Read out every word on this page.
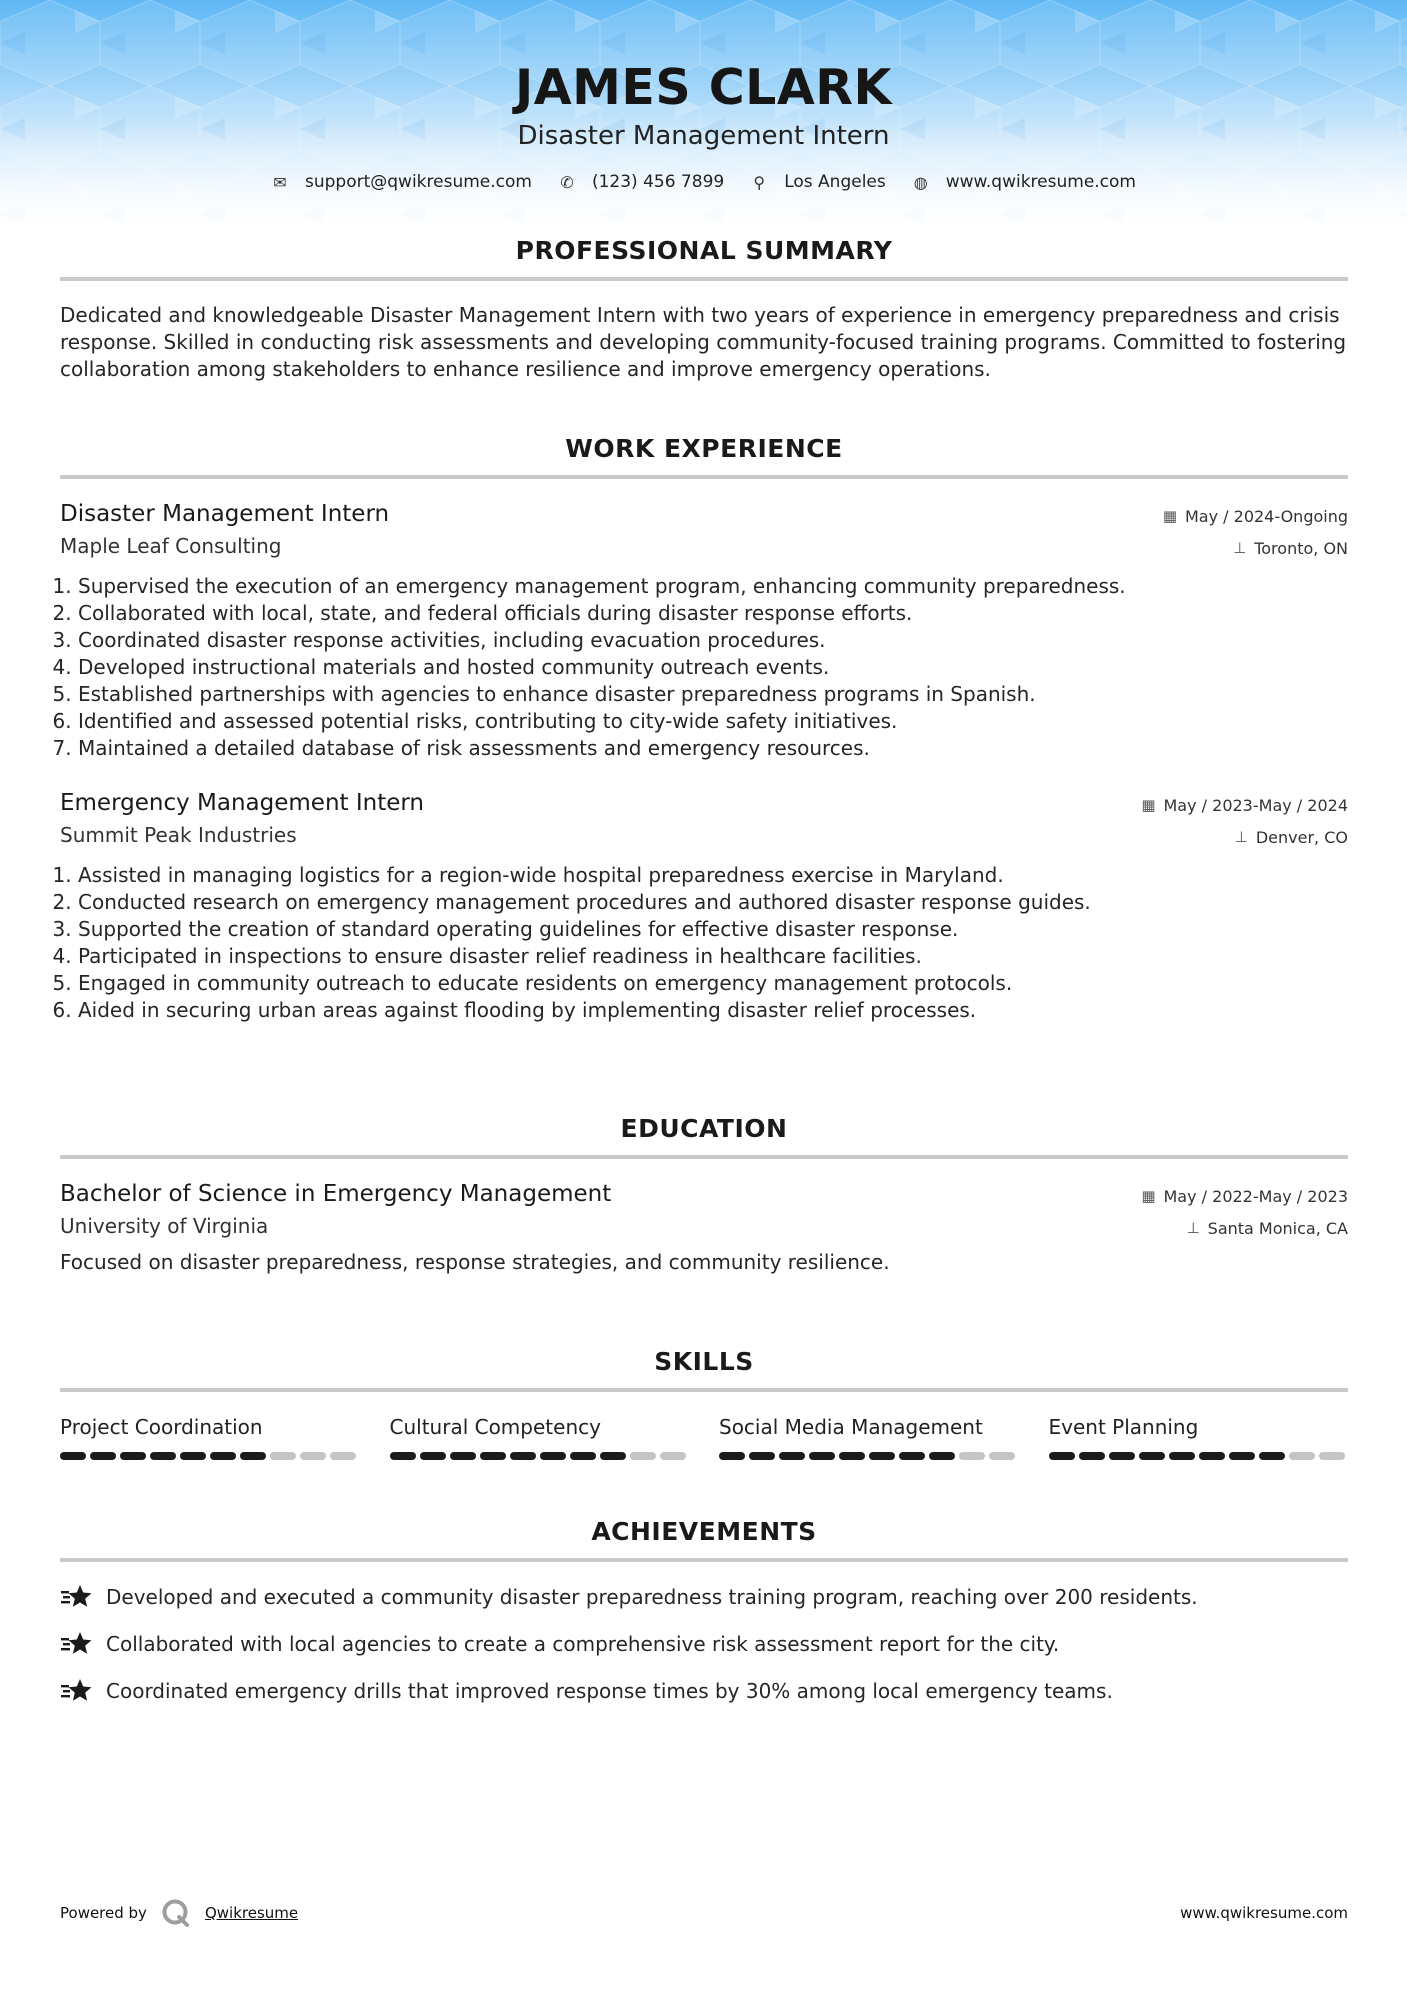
JAMES CLARK
Disaster Management Intern
✉ support@qwikresume.com ✆ (123) 456 7899 ⚲ Los Angeles ◍ www.qwikresume.com
PROFESSIONAL SUMMARY
Dedicated and knowledgeable Disaster Management Intern with two years of experience in emergency preparedness and crisis response. Skilled in conducting risk assessments and developing community-focused training programs. Committed to fostering collaboration among stakeholders to enhance resilience and improve emergency operations.
WORK EXPERIENCE
Disaster Management Intern	▦ May / 2024-Ongoing
Maple Leaf Consulting	⊥ Toronto, ON
1. Supervised the execution of an emergency management program, enhancing community preparedness.
2. Collaborated with local, state, and federal officials during disaster response efforts.
3. Coordinated disaster response activities, including evacuation procedures.
4. Developed instructional materials and hosted community outreach events.
5. Established partnerships with agencies to enhance disaster preparedness programs in Spanish.
6. Identified and assessed potential risks, contributing to city-wide safety initiatives.
7. Maintained a detailed database of risk assessments and emergency resources.
Emergency Management Intern	▦ May / 2023-May / 2024
Summit Peak Industries	⊥ Denver, CO
1. Assisted in managing logistics for a region-wide hospital preparedness exercise in Maryland.
2. Conducted research on emergency management procedures and authored disaster response guides.
3. Supported the creation of standard operating guidelines for effective disaster response.
4. Participated in inspections to ensure disaster relief readiness in healthcare facilities.
5. Engaged in community outreach to educate residents on emergency management protocols.
6. Aided in securing urban areas against flooding by implementing disaster relief processes.
EDUCATION
Bachelor of Science in Emergency Management	▦ May / 2022-May / 2023
University of Virginia	⊥ Santa Monica, CA
Focused on disaster preparedness, response strategies, and community resilience.
SKILLS
Project Coordination	Cultural Competency	Social Media Management	Event Planning
ACHIEVEMENTS
Developed and executed a community disaster preparedness training program, reaching over 200 residents.
Collaborated with local agencies to create a comprehensive risk assessment report for the city.
Coordinated emergency drills that improved response times by 30% among local emergency teams.
Powered by	Qwikresume	www.qwikresume.com
